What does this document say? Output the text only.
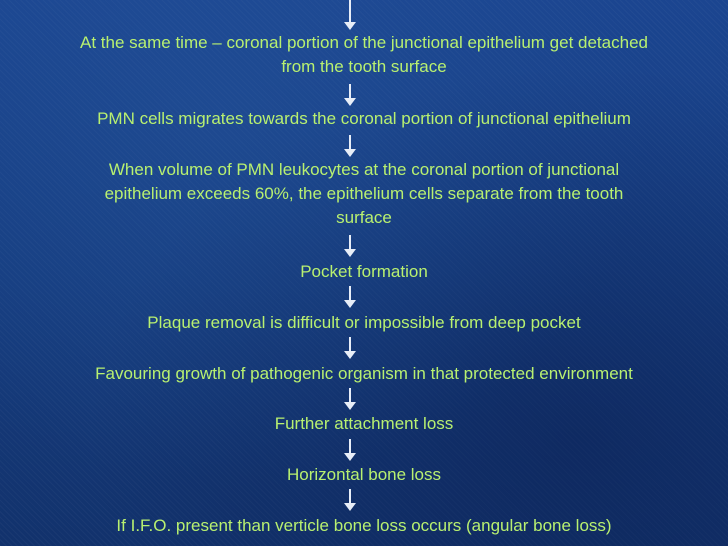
At the same time – coronal portion of the junctional epithelium get detached
from the tooth surface

PMN cells migrates towards the coronal portion of junctional epithelium

When volume of PMN leukocytes at the coronal portion of junctional
epithelium exceeds 60%, the epithelium cells separate from the tooth
surface

Pocket formation

Plaque removal is difficult or impossible from deep pocket

Favouring growth of pathogenic organism in that protected environment

Further attachment loss

Horizontal bone loss

If I.F.O. present than verticle bone loss occurs (angular bone loss)
